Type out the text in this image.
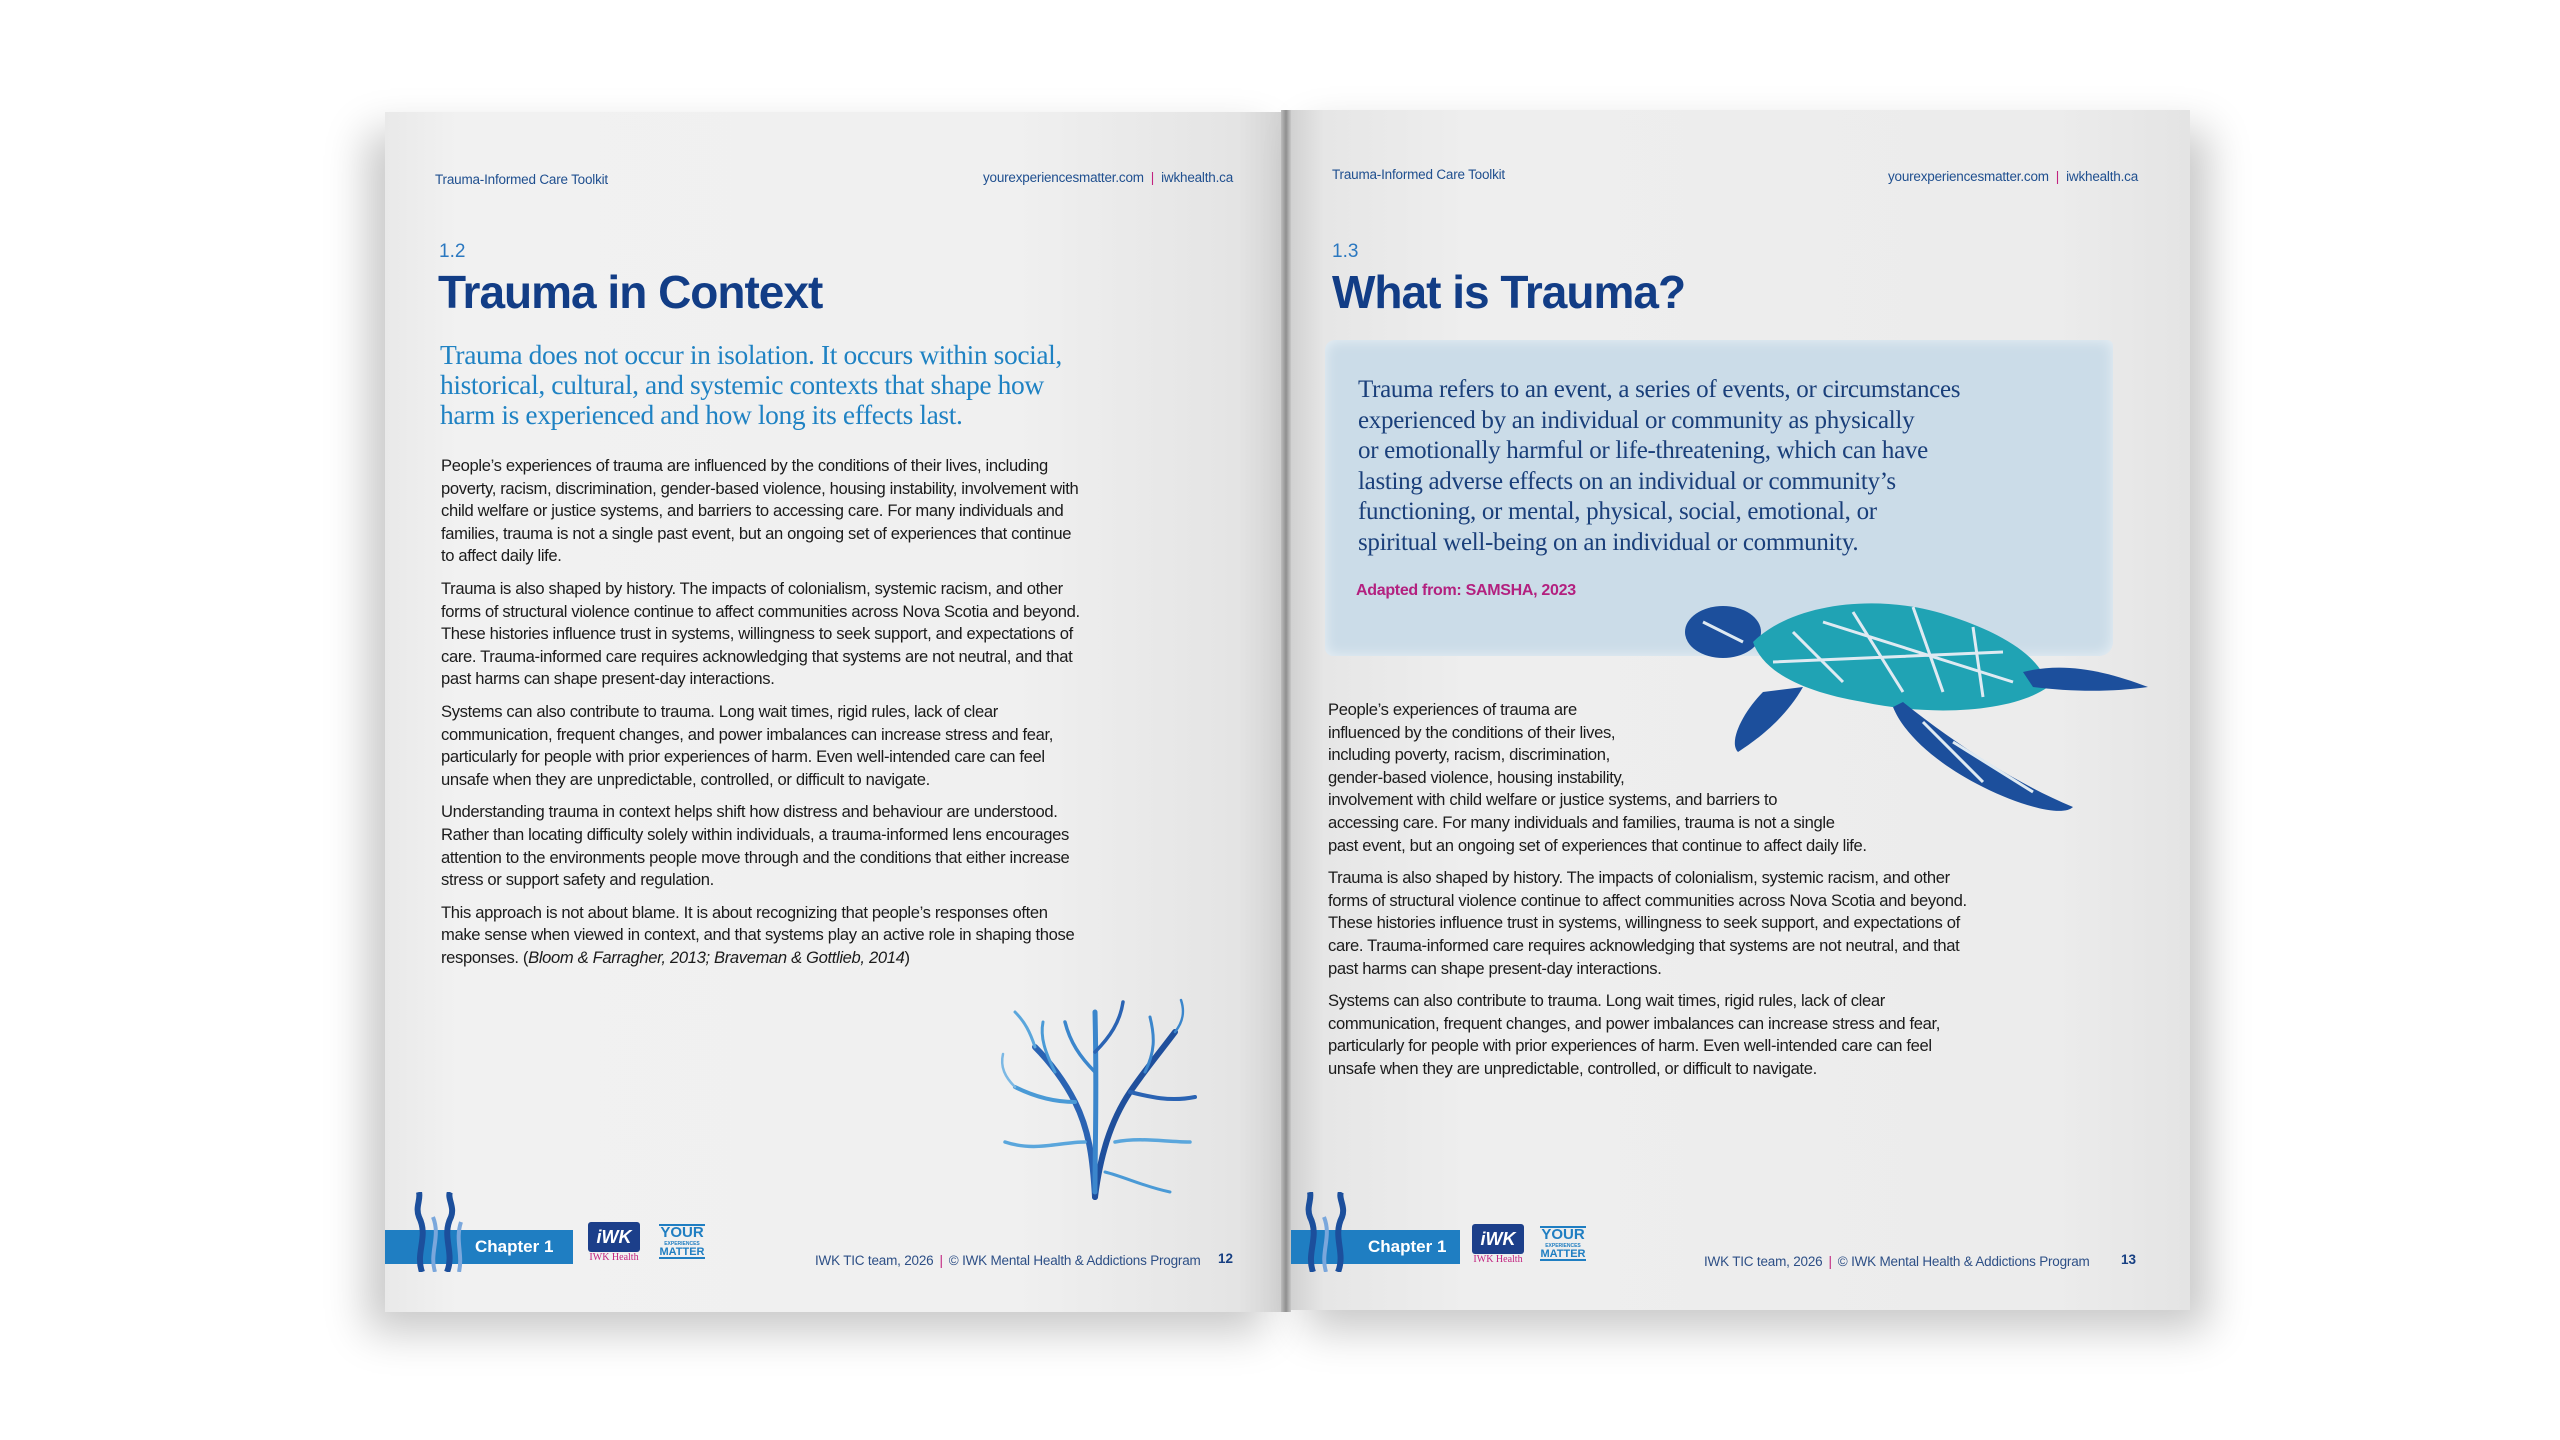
Trauma-Informed Care Toolkit	yourexperiencesmatter.com | iwkhealth.ca
1.2
Trauma in Context
Trauma does not occur in isolation. It occurs within social,
historical, cultural, and systemic contexts that shape how
harm is experienced and how long its effects last.

People’s experiences of trauma are influenced by the conditions of their lives, including
poverty, racism, discrimination, gender-based violence, housing instability, involvement with
child welfare or justice systems, and barriers to accessing care. For many individuals and
families, trauma is not a single past event, but an ongoing set of experiences that continue
to affect daily life.

Trauma is also shaped by history. The impacts of colonialism, systemic racism, and other
forms of structural violence continue to affect communities across Nova Scotia and beyond.
These histories influence trust in systems, willingness to seek support, and expectations of
care. Trauma-informed care requires acknowledging that systems are not neutral, and that
past harms can shape present-day interactions.

Systems can also contribute to trauma. Long wait times, rigid rules, lack of clear
communication, frequent changes, and power imbalances can increase stress and fear,
particularly for people with prior experiences of harm. Even well-intended care can feel
unsafe when they are unpredictable, controlled, or difficult to navigate.

Understanding trauma in context helps shift how distress and behaviour are understood.
Rather than locating difficulty solely within individuals, a trauma-informed lens encourages
attention to the environments people move through and the conditions that either increase
stress or support safety and regulation.

This approach is not about blame. It is about recognizing that people’s responses often
make sense when viewed in context, and that systems play an active role in shaping those
responses. (Bloom & Farragher, 2013; Braveman & Gottlieb, 2014)

Chapter 1	iWK
IWK Health
YOUR
EXPERIENCES
MATTER
IWK TIC team, 2026 | © IWK Mental Health & Addictions Program 12
Trauma-Informed Care Toolkit	yourexperiencesmatter.com | iwkhealth.ca
1.3
What is Trauma?
Trauma refers to an event, a series of events, or circumstances
experienced by an individual or community as physically
or emotionally harmful or life-threatening, which can have
lasting adverse effects on an individual or community’s
functioning, or mental, physical, social, emotional, or
spiritual well-being on an individual or community.
Adapted from: SAMSHA, 2023

People’s experiences of trauma are
influenced by the conditions of their lives,
including poverty, racism, discrimination,
gender-based violence, housing instability,
involvement with child welfare or justice systems, and barriers to
accessing care. For many individuals and families, trauma is not a single
past event, but an ongoing set of experiences that continue to affect daily life.

Trauma is also shaped by history. The impacts of colonialism, systemic racism, and other
forms of structural violence continue to affect communities across Nova Scotia and beyond.
These histories influence trust in systems, willingness to seek support, and expectations of
care. Trauma-informed care requires acknowledging that systems are not neutral, and that
past harms can shape present-day interactions.

Systems can also contribute to trauma. Long wait times, rigid rules, lack of clear
communication, frequent changes, and power imbalances can increase stress and fear,
particularly for people with prior experiences of harm. Even well-intended care can feel
unsafe when they are unpredictable, controlled, or difficult to navigate.

Chapter 1	iWK
IWK Health
YOUR
EXPERIENCES
MATTER
IWK TIC team, 2026 | © IWK Mental Health & Addictions Program 13
